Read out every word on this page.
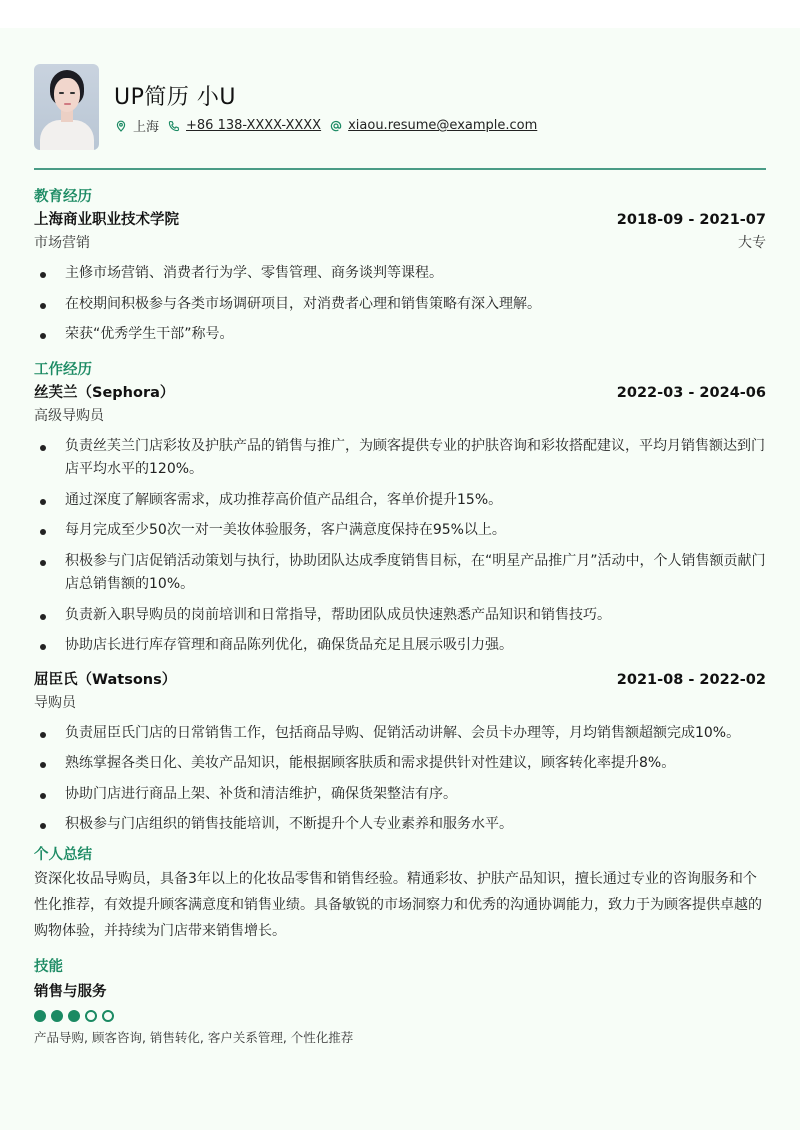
UP简历 小U
上海 +86 138-XXXX-XXXX xiaou.resume@example.com
教育经历
上海商业职业技术学院	2018-09 - 2021-07
市场营销	大专
主修市场营销、消费者行为学、零售管理、商务谈判等课程。
在校期间积极参与各类市场调研项目，对消费者心理和销售策略有深入理解。
荣获“优秀学生干部”称号。
工作经历
丝芙兰（Sephora）	2022-03 - 2024-06
高级导购员
负责丝芙兰门店彩妆及护肤产品的销售与推广，为顾客提供专业的护肤咨询和彩妆搭配建议，平均月销售额达到门店平均水平的120%。
通过深度了解顾客需求，成功推荐高价值产品组合，客单价提升15%。
每月完成至少50次一对一美妆体验服务，客户满意度保持在95%以上。
积极参与门店促销活动策划与执行，协助团队达成季度销售目标，在“明星产品推广月”活动中，个人销售额贡献门店总销售额的10%。
负责新入职导购员的岗前培训和日常指导，帮助团队成员快速熟悉产品知识和销售技巧。
协助店长进行库存管理和商品陈列优化，确保货品充足且展示吸引力强。
屈臣氏（Watsons）	2021-08 - 2022-02
导购员
负责屈臣氏门店的日常销售工作，包括商品导购、促销活动讲解、会员卡办理等，月均销售额超额完成10%。
熟练掌握各类日化、美妆产品知识，能根据顾客肤质和需求提供针对性建议，顾客转化率提升8%。
协助门店进行商品上架、补货和清洁维护，确保货架整洁有序。
积极参与门店组织的销售技能培训，不断提升个人专业素养和服务水平。
个人总结
资深化妆品导购员，具备3年以上的化妆品零售和销售经验。精通彩妆、护肤产品知识，擅长通过专业的咨询服务和个性化推荐，有效提升顾客满意度和销售业绩。具备敏锐的市场洞察力和优秀的沟通协调能力，致力于为顾客提供卓越的购物体验，并持续为门店带来销售增长。
技能
销售与服务
产品导购, 顾客咨询, 销售转化, 客户关系管理, 个性化推荐
